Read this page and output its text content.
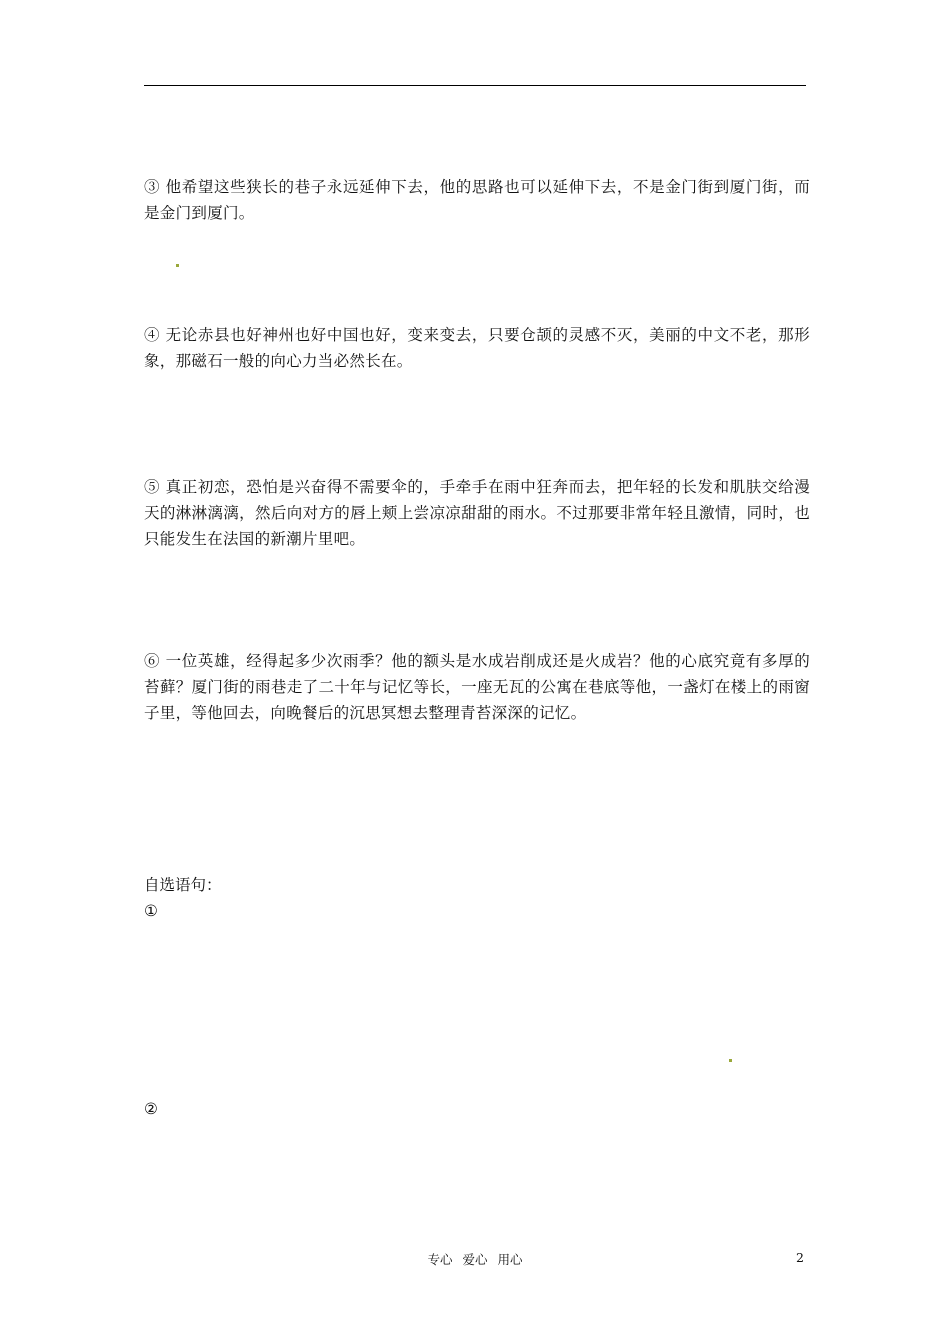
③ 他希望这些狭长的巷子永远延伸下去，他的思路也可以延伸下去，不是金门街到厦门街，而是金门到厦门。

④ 无论赤县也好神州也好中国也好，变来变去，只要仓颉的灵感不灭，美丽的中文不老，那形象，那磁石一般的向心力当必然长在。

⑤ 真正初恋，恐怕是兴奋得不需要伞的，手牵手在雨中狂奔而去，把年轻的长发和肌肤交给漫天的淋淋漓漓，然后向对方的唇上颊上尝凉凉甜甜的雨水。不过那要非常年轻且激情，同时，也只能发生在法国的新潮片里吧。

⑥ 一位英雄，经得起多少次雨季？他的额头是水成岩削成还是火成岩？他的心底究竟有多厚的苔藓？厦门街的雨巷走了二十年与记忆等长，一座无瓦的公寓在巷底等他，一盏灯在楼上的雨窗子里，等他回去，向晚餐后的沉思冥想去整理青苔深深的记忆。

自选语句：

①

②

专心 爱心 用心	2
